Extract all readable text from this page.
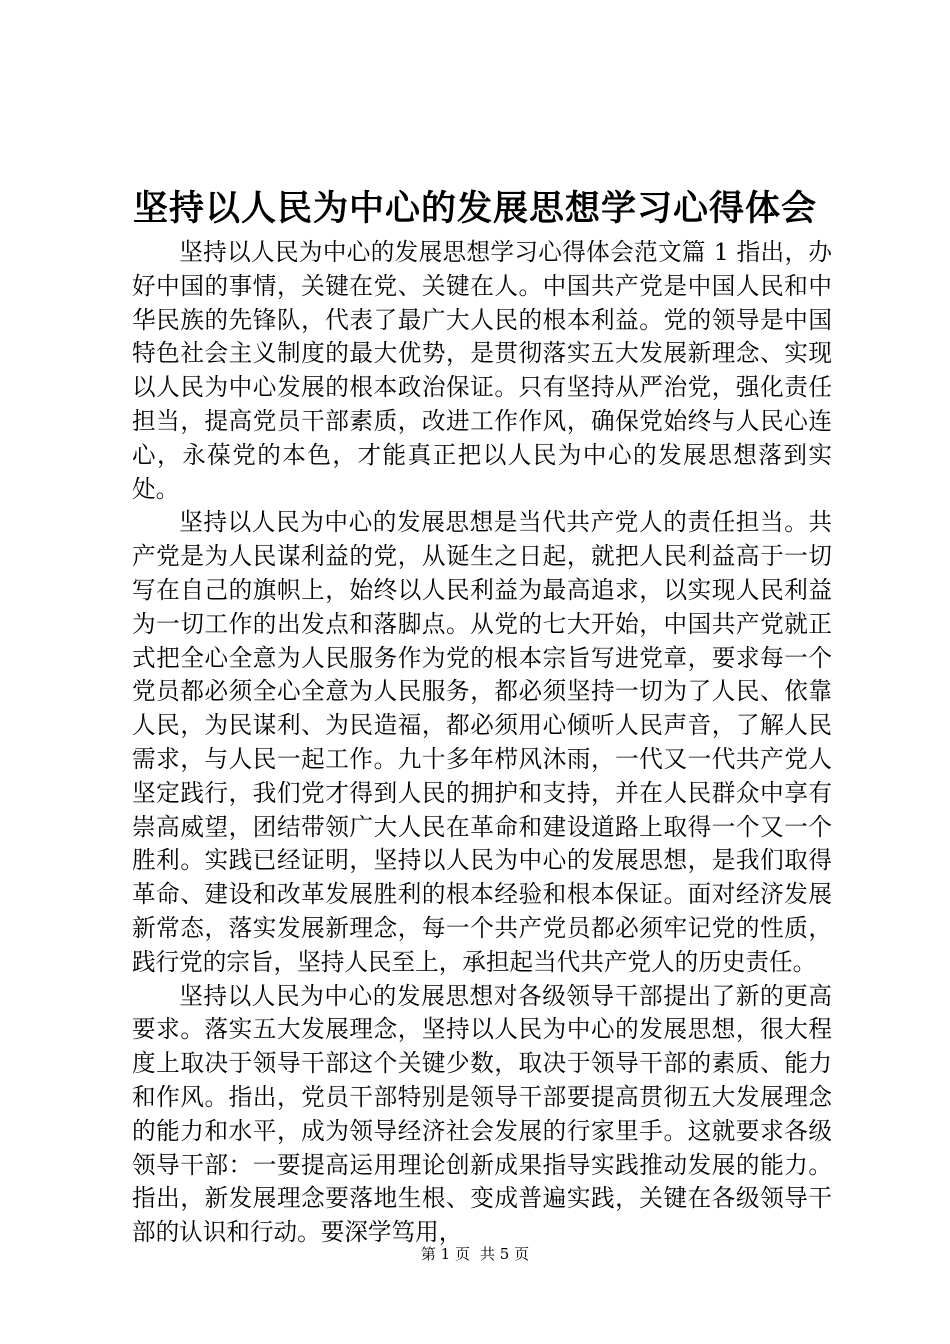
坚持以人民为中心的发展思想学习心得体会

坚持以人民为中心的发展思想学习心得体会范文篇 1 指出，办好中国的事情，关键在党、关键在人。中国共产党是中国人民和中华民族的先锋队，代表了最广大人民的根本利益。党的领导是中国特色社会主义制度的最大优势，是贯彻落实五大发展新理念、实现以人民为中心发展的根本政治保证。只有坚持从严治党，强化责任担当，提高党员干部素质，改进工作作风，确保党始终与人民心连心，永葆党的本色，才能真正把以人民为中心的发展思想落到实处。

坚持以人民为中心的发展思想是当代共产党人的责任担当。共产党是为人民谋利益的党，从诞生之日起，就把人民利益高于一切写在自己的旗帜上，始终以人民利益为最高追求，以实现人民利益为一切工作的出发点和落脚点。从党的七大开始，中国共产党就正式把全心全意为人民服务作为党的根本宗旨写进党章，要求每一个党员都必须全心全意为人民服务，都必须坚持一切为了人民、依靠人民，为民谋利、为民造福，都必须用心倾听人民声音，了解人民需求，与人民一起工作。九十多年栉风沐雨，一代又一代共产党人坚定践行，我们党才得到人民的拥护和支持，并在人民群众中享有崇高威望，团结带领广大人民在革命和建设道路上取得一个又一个胜利。实践已经证明，坚持以人民为中心的发展思想，是我们取得革命、建设和改革发展胜利的根本经验和根本保证。面对经济发展新常态，落实发展新理念，每一个共产党员都必须牢记党的性质，践行党的宗旨，坚持人民至上，承担起当代共产党人的历史责任。

坚持以人民为中心的发展思想对各级领导干部提出了新的更高要求。落实五大发展理念，坚持以人民为中心的发展思想，很大程度上取决于领导干部这个关键少数，取决于领导干部的素质、能力和作风。指出，党员干部特别是领导干部要提高贯彻五大发展理念的能力和水平，成为领导经济社会发展的行家里手。这就要求各级领导干部：一要提高运用理论创新成果指导实践推动发展的能力。指出，新发展理念要落地生根、变成普遍实践，关键在各级领导干部的认识和行动。要深学笃用，

第 1 页 共 5 页
